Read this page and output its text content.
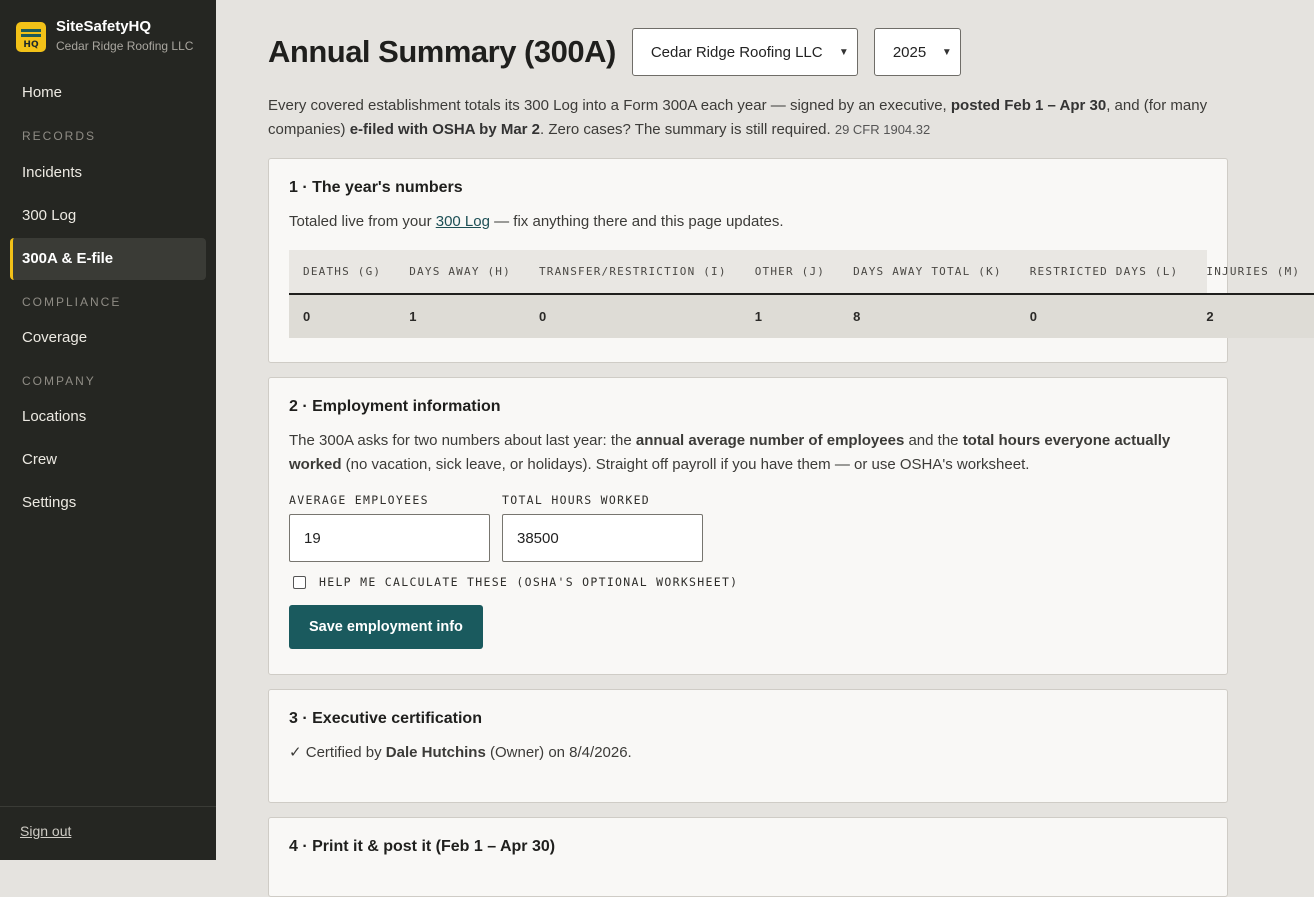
HQ
SiteSafetyHQ
Cedar Ridge Roofing LLC
Home
RECORDS
Incidents
300 Log
300A & E-file
COMPLIANCE
Coverage
COMPANY
Locations
Crew
Settings
Sign out
Annual Summary (300A) Cedar Ridge Roofing LLC ▼	2025 ▼

Every covered establishment totals its 300 Log into a Form 300A each year — signed by an executive, posted Feb 1 – Apr 30, and (for many companies) e-filed with OSHA by Mar 2. Zero cases? The summary is still required. 29 CFR 1904.32

1 · The year's numbers

Totaled live from your 300 Log — fix anything there and this page updates.

DEATHS (G)	DAYS AWAY (H)	TRANSFER/RESTRICTION (I)	OTHER (J)	DAYS AWAY TOTAL (K)	RESTRICTED DAYS (L)	INJURIES (M)
0	1	0	1	8	0	2
2 · Employment information

The 300A asks for two numbers about last year: the annual average number of employees and the total hours everyone actually worked (no vacation, sick leave, or holidays). Straight off payroll if you have them — or use OSHA's worksheet.

AVERAGE EMPLOYEES
19
TOTAL HOURS WORKED
38500
HELP ME CALCULATE THESE (OSHA'S OPTIONAL WORKSHEET)
Save employment info
3 · Executive certification

✓ Certified by Dale Hutchins (Owner) on 8/4/2026.

4 · Print it & post it (Feb 1 – Apr 30)
